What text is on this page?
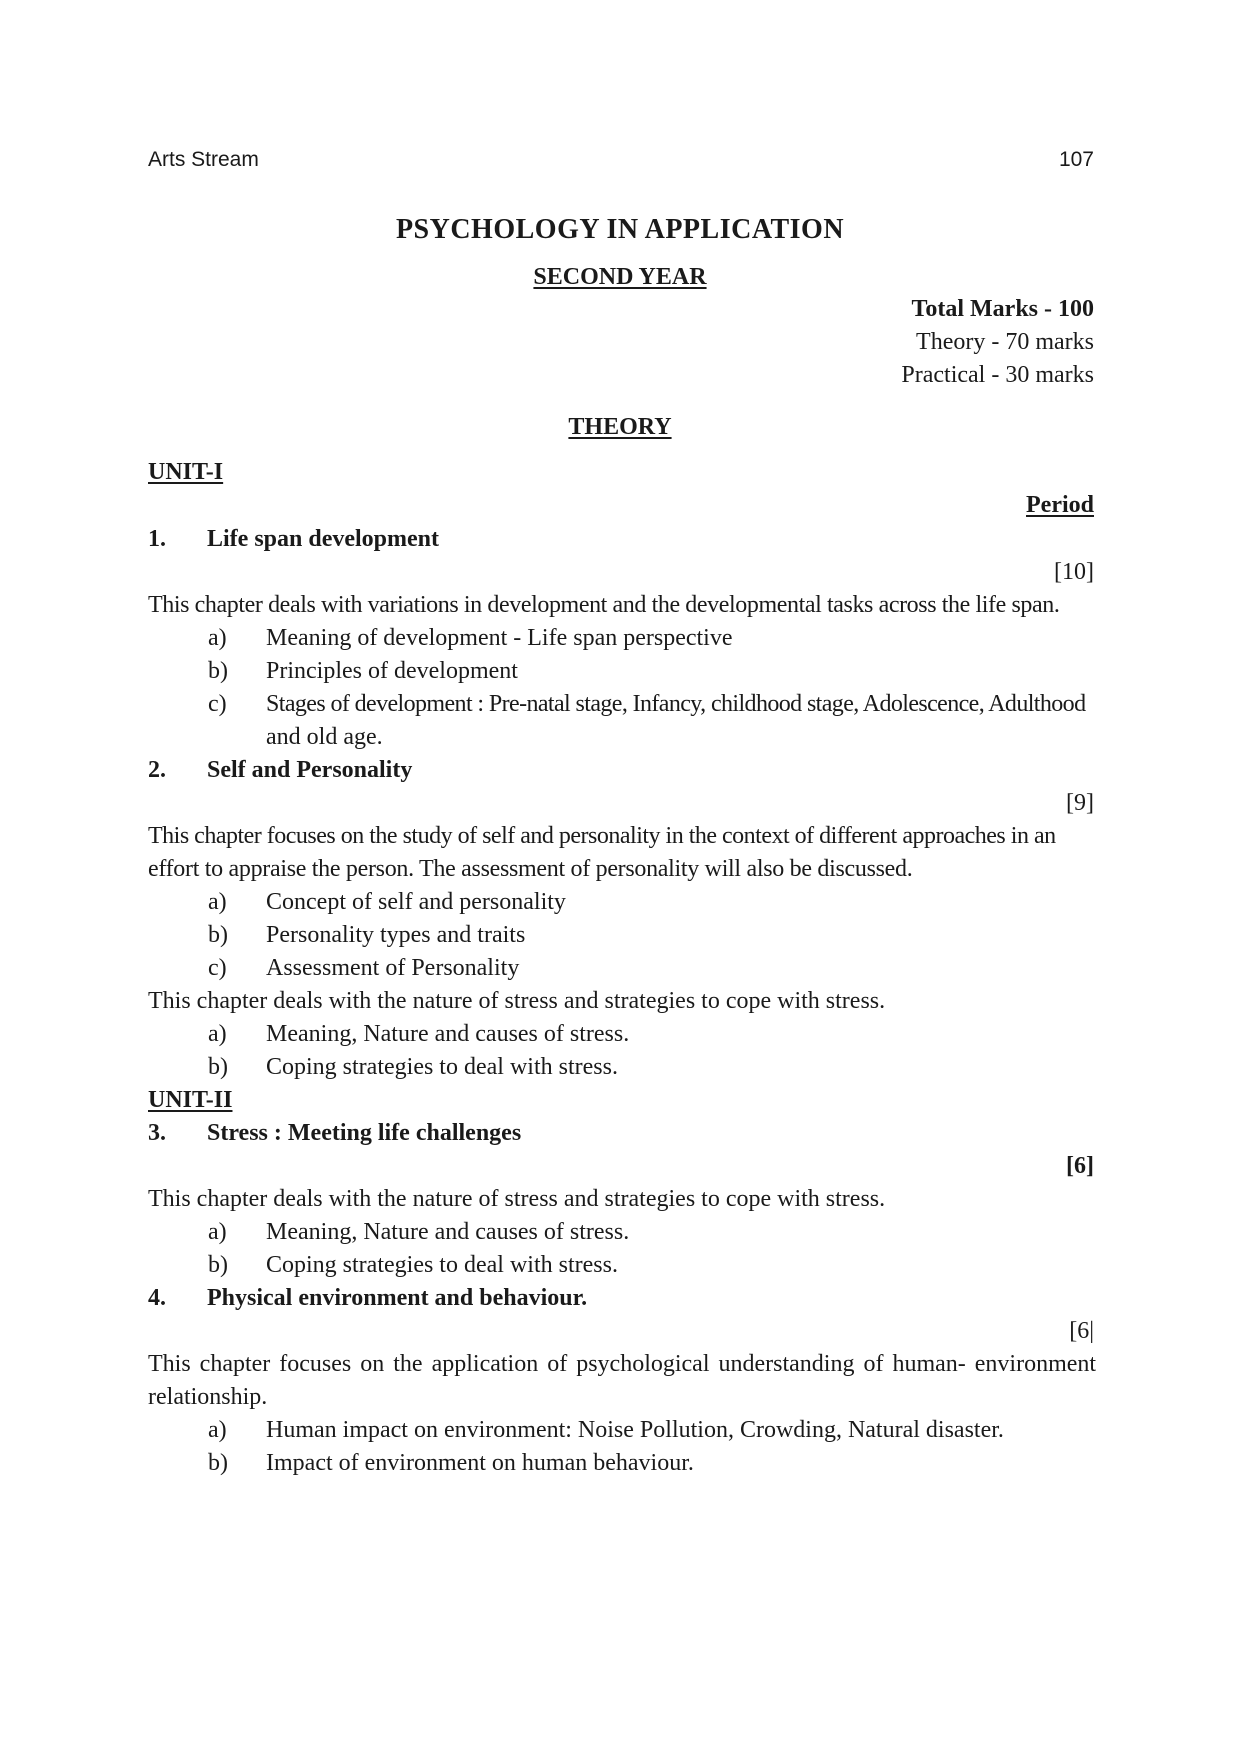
Arts Stream	107
PSYCHOLOGY IN APPLICATION
SECOND YEAR
Total Marks - 100
Theory - 70 marks
Practical - 30 marks
THEORY
UNIT-I
Period
1. Life span development
[10]
This chapter deals with variations in development and the developmental tasks across the life span.
a) Meaning of development - Life span perspective
b) Principles of development
c) Stages of development : Pre-natal stage, Infancy, childhood stage, Adolescence, Adulthood
and old age.
2. Self and Personality
[9]
This chapter focuses on the study of self and personality in the context of different approaches in an
effort to appraise the person. The assessment of personality will also be discussed.
a) Concept of self and personality
b) Personality types and traits
c) Assessment of Personality
This chapter deals with the nature of stress and strategies to cope with stress.
a) Meaning, Nature and causes of stress.
b) Coping strategies to deal with stress.
UNIT-II
3. Stress : Meeting life challenges
[6]
This chapter deals with the nature of stress and strategies to cope with stress.
a) Meaning, Nature and causes of stress.
b) Coping strategies to deal with stress.
4. Physical environment and behaviour.
[6|
This chapter focuses on the application of psychological understanding of human- environment
relationship.
a) Human impact on environment: Noise Pollution, Crowding, Natural disaster.
b) Impact of environment on human behaviour.
